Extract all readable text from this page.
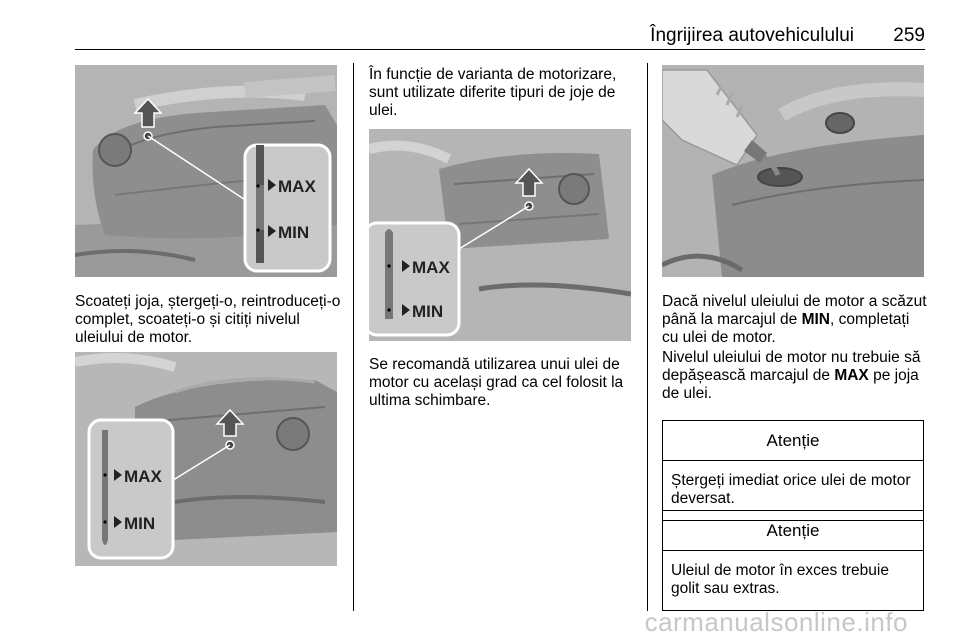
Îngrijirea autovehiculului 259
MAX
MIN

Scoateți joja, ștergeți-o, reintroduceți-o complet, scoateți-o și citiți nivelul uleiului de motor.

MAX
MIN

În funcție de varianta de motorizare, sunt utilizate diferite tipuri de joje de ulei.

MAX
MIN

Se recomandă utilizarea unui ulei de motor cu același grad ca cel folosit la ultima schimbare.

Dacă nivelul uleiului de motor a scăzut până la marcajul de MIN, completați cu ulei de motor.

Nivelul uleiului de motor nu trebuie să depășească marcajul de MAX pe joja de ulei.

Atenție
Ștergeți imediat orice ulei de motor deversat.
Atenție
Uleiul de motor în exces trebuie golit sau extras.
carmanualsonline.info
